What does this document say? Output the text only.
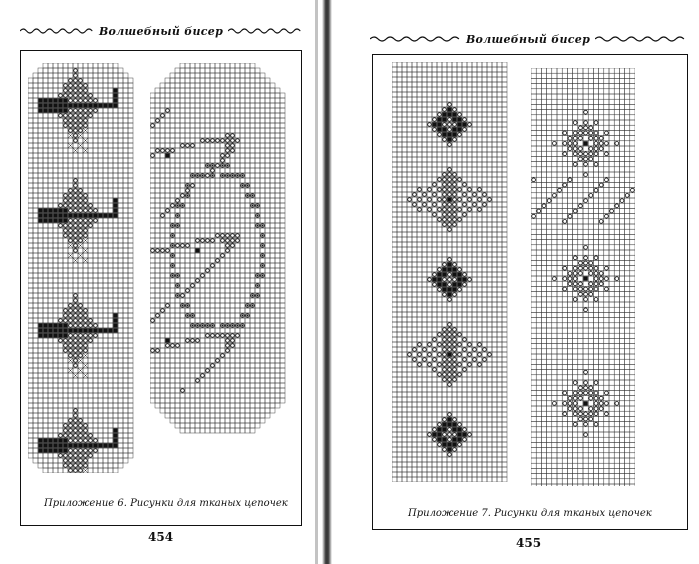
Волшебный бисер
Приложение 6. Рисунки для тканых цепочек
454
Волшебный бисер
Приложение 7. Рисунки для тканых цепочек
455
